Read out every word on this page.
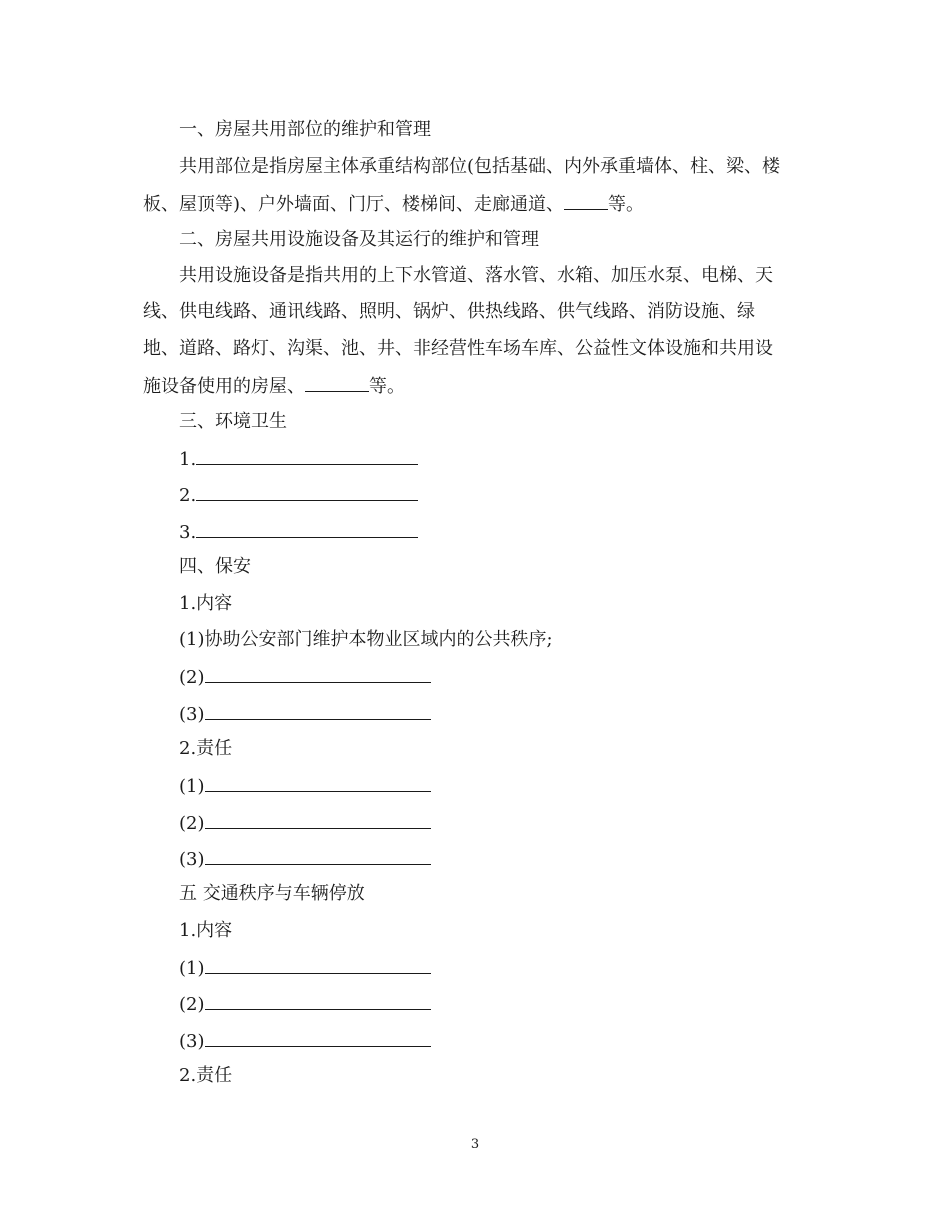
一、房屋共用部位的维护和管理
共用部位是指房屋主体承重结构部位(包括基础、内外承重墙体、柱、梁、楼
板、屋顶等)、户外墙面、门厅、楼梯间、走廊通道、 等。
二、房屋共用设施设备及其运行的维护和管理
共用设施设备是指共用的上下水管道、落水管、水箱、加压水泵、电梯、天
线、供电线路、通讯线路、照明、锅炉、供热线路、供气线路、消防设施、绿
地、道路、路灯、沟渠、池、井、非经营性车场车库、公益性文体设施和共用设
施设备使用的房屋、	等。
三、环境卫生
1.
2.
3.
四、保安
1.内容
(1)协助公安部门维护本物业区域内的公共秩序;
(2)
(3)
2.责任
(1)
(2)
(3)
五 交通秩序与车辆停放
1.内容
(1)
(2)
(3)
2.责任
3
